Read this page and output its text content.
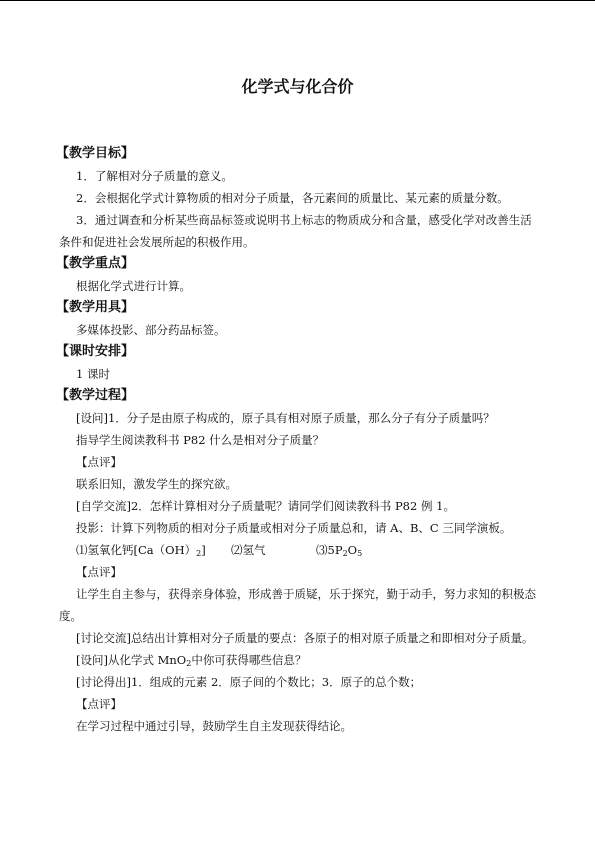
化学式与化合价
【教学目标】
1．了解相对分子质量的意义。
2．会根据化学式计算物质的相对分子质量，各元素间的质量比、某元素的质量分数。
3．通过调查和分析某些商品标签或说明书上标志的物质成分和含量，感受化学对改善生活条件和促进社会发展所起的积极作用。
【教学重点】
根据化学式进行计算。
【教学用具】
多媒体投影、部分药品标签。
【课时安排】
1 课时
【教学过程】
[设问]1．分子是由原子构成的，原子具有相对原子质量，那么分子有分子质量吗？
指导学生阅读教科书 P82 什么是相对分子质量？
【点评】
联系旧知，激发学生的探究欲。
[自学交流]2．怎样计算相对分子质量呢？请同学们阅读教科书 P82 例 1。
投影：计算下列物质的相对分子质量或相对分子质量总和，请 A、B、C 三同学演板。
⑴氢氧化钙$[Ca(OH)_2]$	⑵氢气	$⑶5P_2O_5$
【点评】
让学生自主参与，获得亲身体验，形成善于质疑，乐于探究，勤于动手，努力求知的积极态度。
[讨论交流]总结出计算相对分子质量的要点：各原子的相对原子质量之和即相对分子质量。
[设问]从化学式 MnO$_2$中你可获得哪些信息？
[讨论得出]1．组成的元素 2．原子间的个数比；3．原子的总个数；
【点评】
在学习过程中通过引导，鼓励学生自主发现获得结论。
